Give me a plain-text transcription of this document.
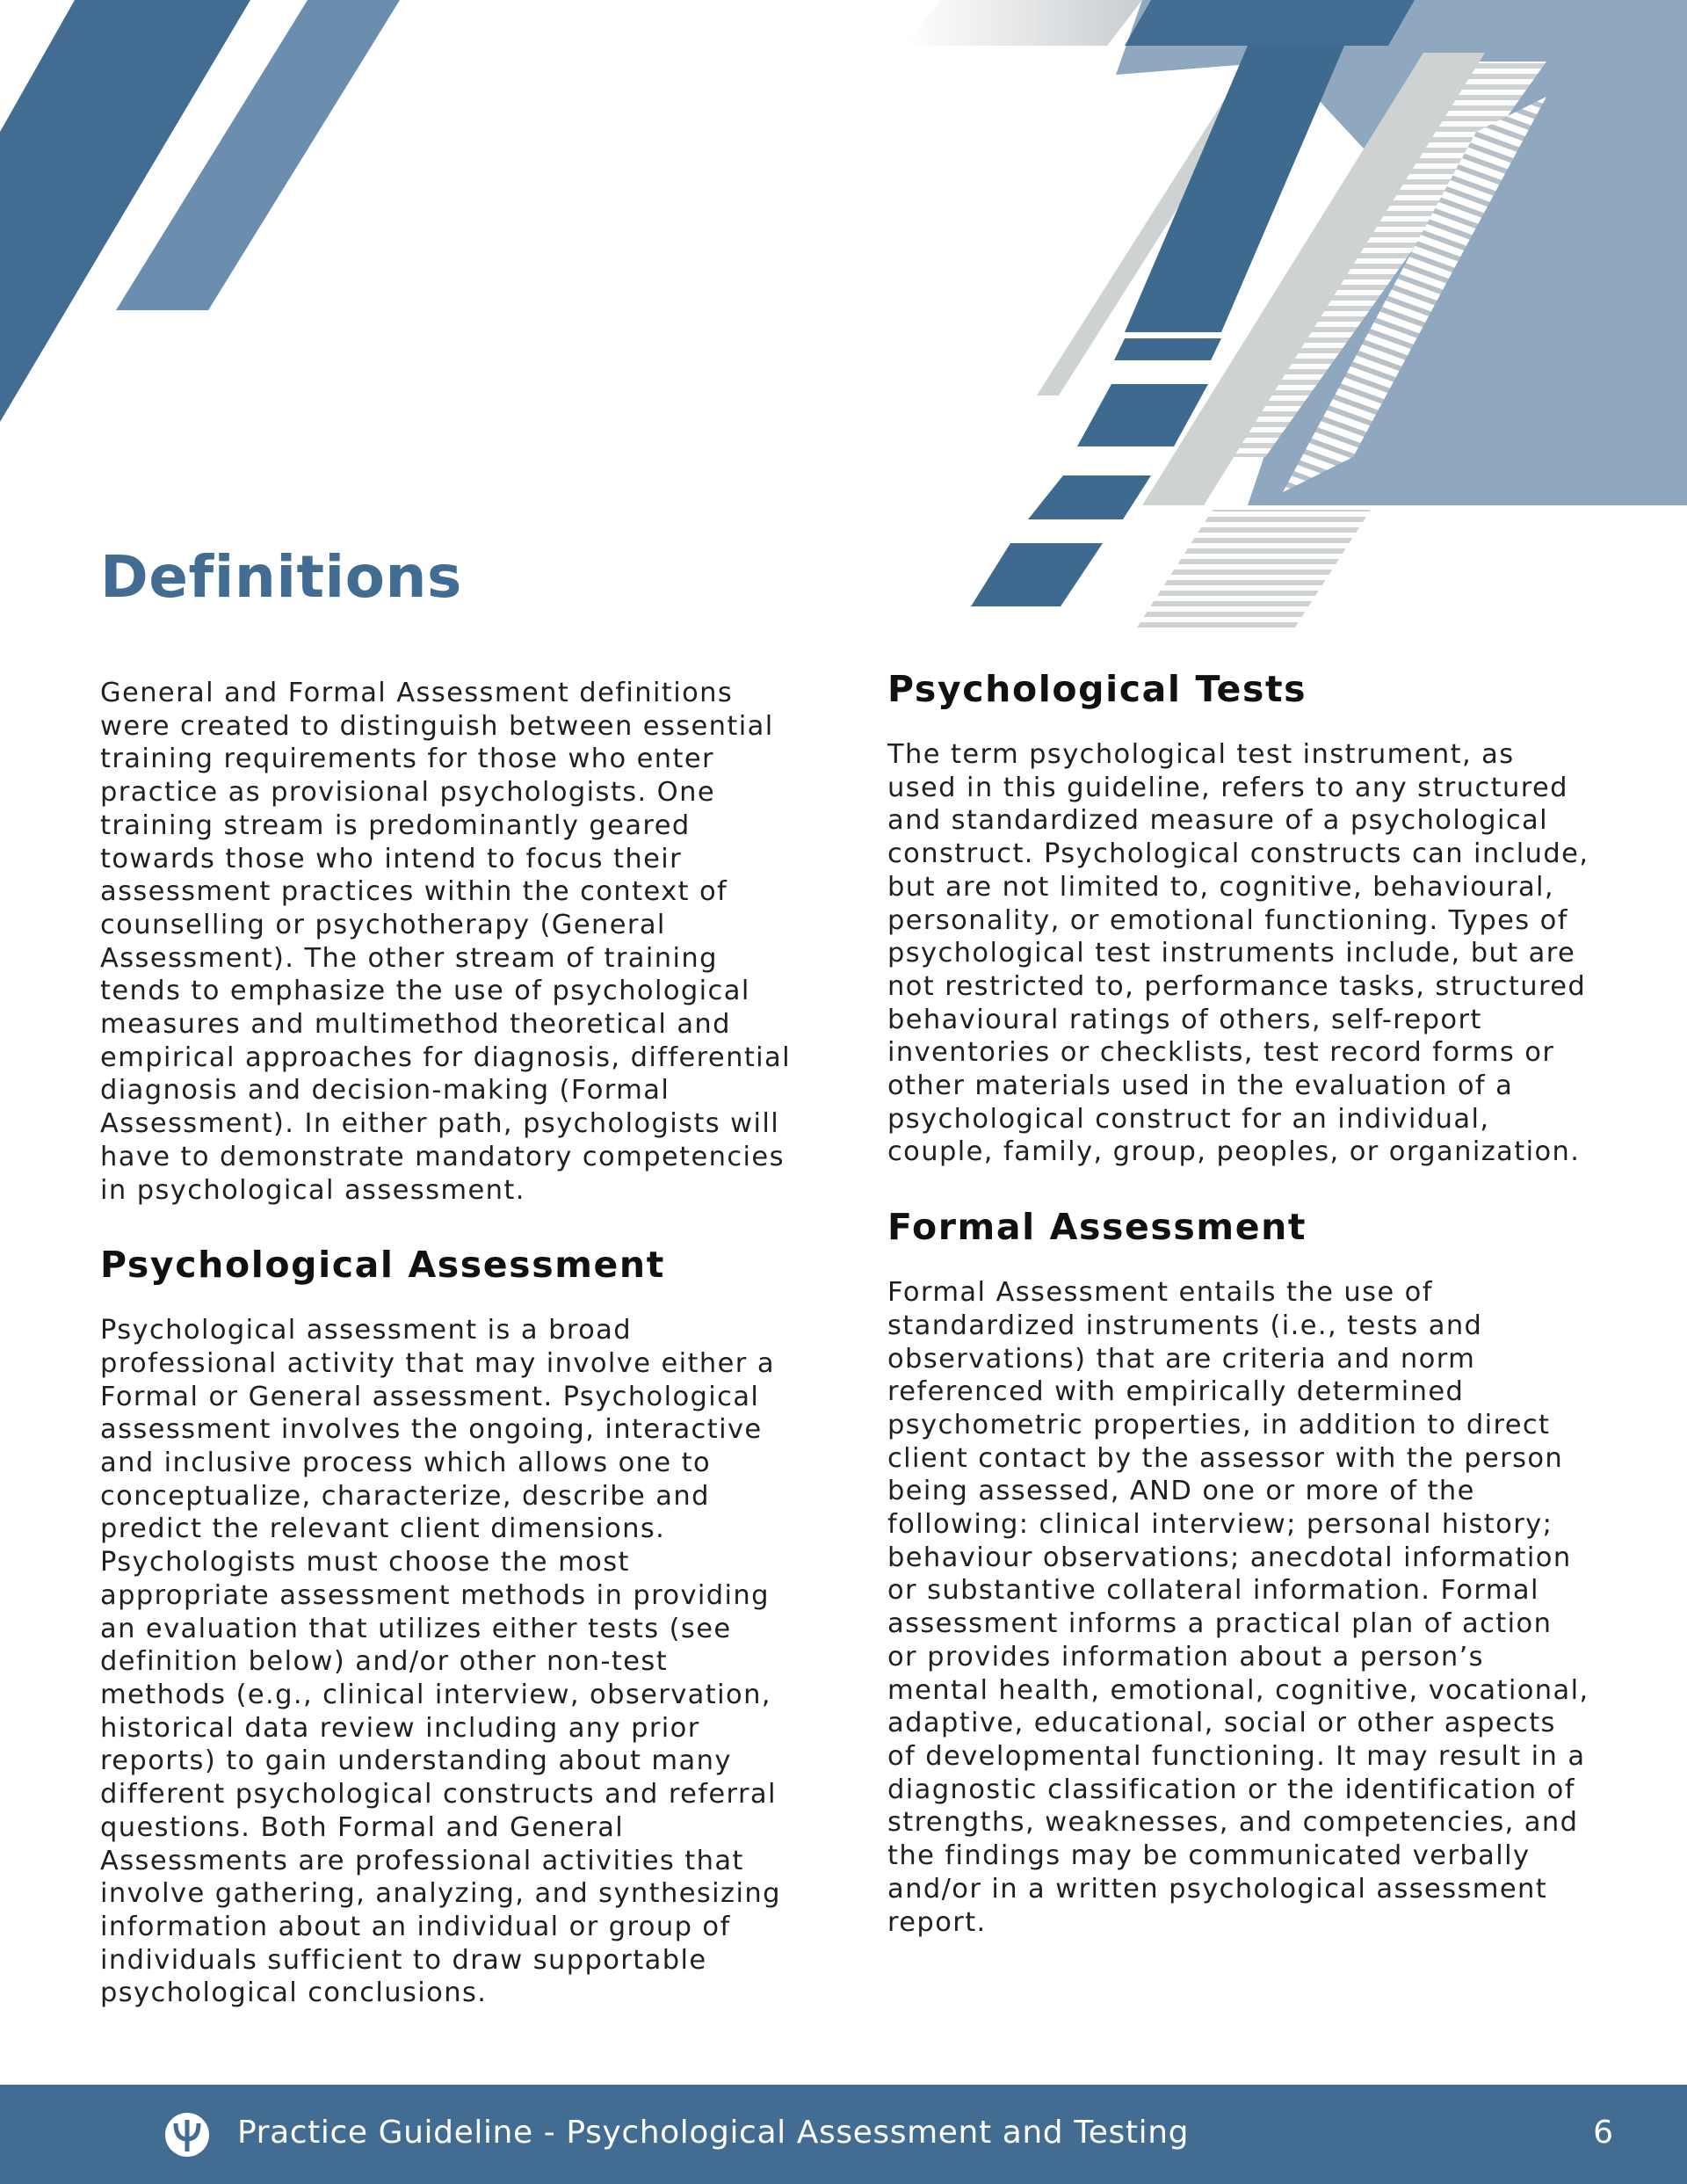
Definitions

General and Formal Assessment definitions were created to distinguish between essential training requirements for those who enter practice as provisional psychologists. One training stream is predominantly geared towards those who intend to focus their assessment practices within the context of counselling or psychotherapy (General Assessment). The other stream of training tends to emphasize the use of psychological measures and multimethod theoretical and empirical approaches for diagnosis, differential diagnosis and decision-making (Formal Assessment). In either path, psychologists will have to demonstrate mandatory competencies in psychological assessment.

Psychological Assessment

Psychological assessment is a broad professional activity that may involve either a Formal or General assessment. Psychological assessment involves the ongoing, interactive and inclusive process which allows one to conceptualize, characterize, describe and predict the relevant client dimensions. Psychologists must choose the most appropriate assessment methods in providing an evaluation that utilizes either tests (see definition below) and/or other non-test methods (e.g., clinical interview, observation, historical data review including any prior reports) to gain understanding about many different psychological constructs and referral questions. Both Formal and General Assessments are professional activities that involve gathering, analyzing, and synthesizing information about an individual or group of individuals sufficient to draw supportable psychological conclusions.

Psychological Tests

The term psychological test instrument, as used in this guideline, refers to any structured and standardized measure of a psychological construct. Psychological constructs can include, but are not limited to, cognitive, behavioural, personality, or emotional functioning. Types of psychological test instruments include, but are not restricted to, performance tasks, structured behavioural ratings of others, self-report inventories or checklists, test record forms or other materials used in the evaluation of a psychological construct for an individual, couple, family, group, peoples, or organization.

Formal Assessment

Formal Assessment entails the use of standardized instruments (i.e., tests and observations) that are criteria and norm referenced with empirically determined psychometric properties, in addition to direct client contact by the assessor with the person being assessed, AND one or more of the following: clinical interview; personal history; behaviour observations; anecdotal information or substantive collateral information. Formal assessment informs a practical plan of action or provides information about a person’s mental health, emotional, cognitive, vocational, adaptive, educational, social or other aspects of developmental functioning. It may result in a diagnostic classification or the identification of strengths, weaknesses, and competencies, and the findings may be communicated verbally and/or in a written psychological assessment report.

Practice Guideline - Psychological Assessment and Testing	6
